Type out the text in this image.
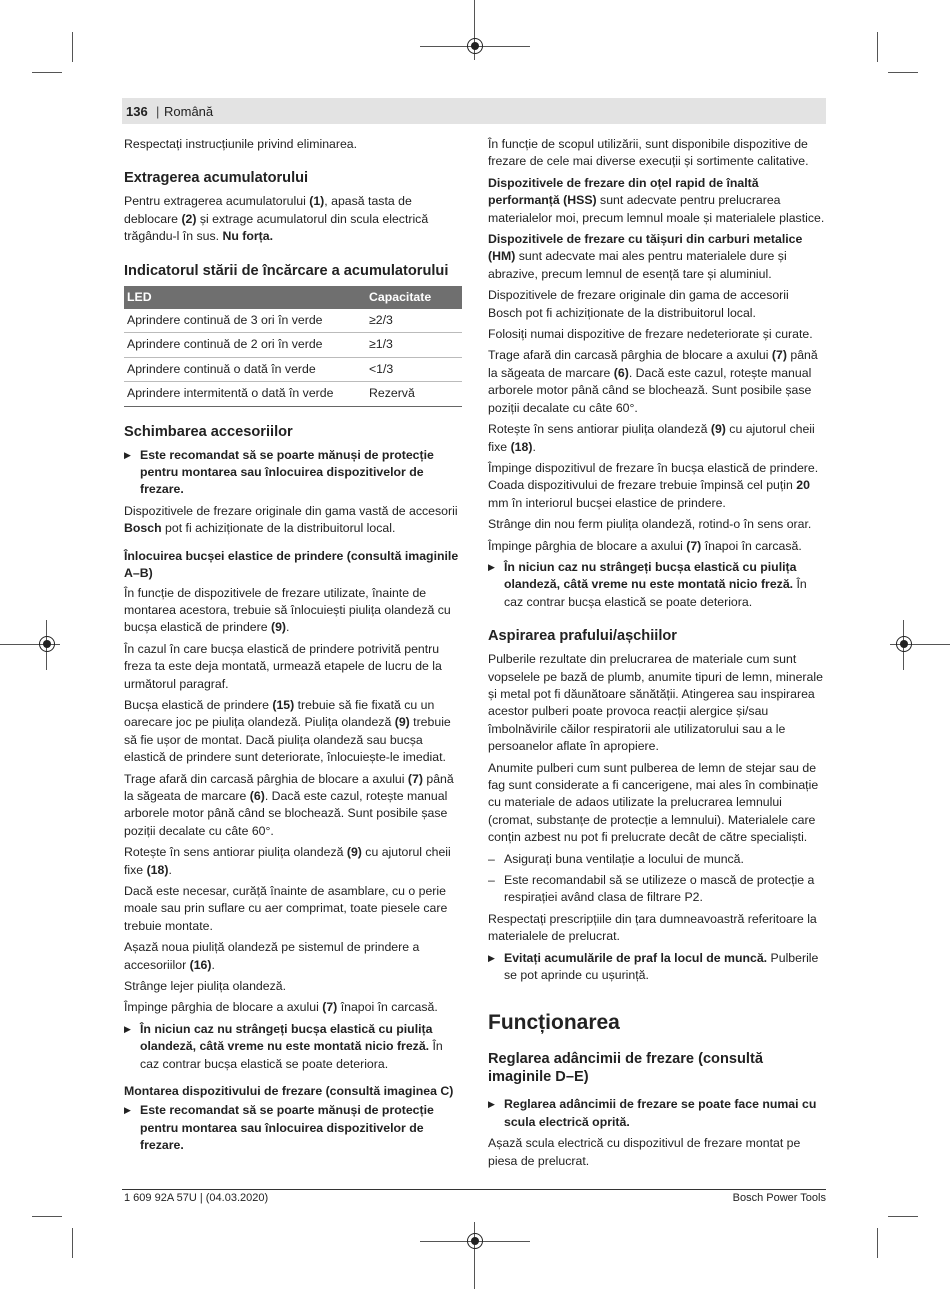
136 | Română

Respectați instrucțiunile privind eliminarea.

Extragerea acumulatorului

Pentru extragerea acumulatorului (1), apasă tasta de deblocare (2) și extrage acumulatorul din scula electrică trăgându-l în sus. Nu forța.

Indicatorul stării de încărcare a acumulatorului
LED	Capacitate
Aprindere continuă de 3 ori în verde	≥2/3
Aprindere continuă de 2 ori în verde	≥1/3
Aprindere continuă o dată în verde	<1/3
Aprindere intermitentă o dată în verde	Rezervă
Schimbarea accesoriilor

▶ Este recomandat să se poarte mănuși de protecție pentru montarea sau înlocuirea dispozitivelor de frezare.

Dispozitivele de frezare originale din gama vastă de accesorii Bosch pot fi achiziționate de la distribuitorul local.

Înlocuirea bucșei elastice de prindere (consultă imaginile A–B)

În funcție de dispozitivele de frezare utilizate, înainte de montarea acestora, trebuie să înlocuiești piulița olandeză cu bucșa elastică de prindere (9).

În cazul în care bucșa elastică de prindere potrivită pentru freza ta este deja montată, urmează etapele de lucru de la următorul paragraf.

Bucșa elastică de prindere (15) trebuie să fie fixată cu un oarecare joc pe piulița olandeză. Piulița olandeză (9) trebuie să fie ușor de montat. Dacă piulița olandeză sau bucșa elastică de prindere sunt deteriorate, înlocuiește-le imediat.

Trage afară din carcasă pârghia de blocare a axului (7) până la săgeata de marcare (6). Dacă este cazul, rotește manual arborele motor până când se blochează. Sunt posibile șase poziții decalate cu câte 60°.

Rotește în sens antiorar piulița olandeză (9) cu ajutorul cheii fixe (18).

Dacă este necesar, curăță înainte de asamblare, cu o perie moale sau prin suflare cu aer comprimat, toate piesele care trebuie montate.

Așază noua piuliță olandeză pe sistemul de prindere a accesoriilor (16).

Strânge lejer piulița olandeză.

Împinge pârghia de blocare a axului (7) înapoi în carcasă.

▶ În niciun caz nu strângeți bucșa elastică cu piulița olandeză, câtă vreme nu este montată nicio freză. În caz contrar bucșa elastică se poate deteriora.

Montarea dispozitivului de frezare (consultă imaginea C)

▶ Este recomandat să se poarte mănuși de protecție pentru montarea sau înlocuirea dispozitivelor de frezare.

În funcție de scopul utilizării, sunt disponibile dispozitive de frezare de cele mai diverse execuții și sortimente calitative.

Dispozitivele de frezare din oțel rapid de înaltă performanță (HSS) sunt adecvate pentru prelucrarea materialelor moi, precum lemnul moale și materialele plastice.

Dispozitivele de frezare cu tăișuri din carburi metalice (HM) sunt adecvate mai ales pentru materialele dure și abrazive, precum lemnul de esență tare și aluminiul.

Dispozitivele de frezare originale din gama de accesorii Bosch pot fi achiziționate de la distribuitorul local.

Folosiți numai dispozitive de frezare nedeteriorate și curate.

Trage afară din carcasă pârghia de blocare a axului (7) până la săgeata de marcare (6). Dacă este cazul, rotește manual arborele motor până când se blochează. Sunt posibile șase poziții decalate cu câte 60°.

Rotește în sens antiorar piulița olandeză (9) cu ajutorul cheii fixe (18).

Împinge dispozitivul de frezare în bucșa elastică de prindere. Coada dispozitivului de frezare trebuie împinsă cel puțin 20 mm în interiorul bucșei elastice de prindere.

Strânge din nou ferm piulița olandeză, rotind-o în sens orar.

Împinge pârghia de blocare a axului (7) înapoi în carcasă.

▶ În niciun caz nu strângeți bucșa elastică cu piulița olandeză, câtă vreme nu este montată nicio freză. În caz contrar bucșa elastică se poate deteriora.

Aspirarea prafului/așchiilor

Pulberile rezultate din prelucrarea de materiale cum sunt vopselele pe bază de plumb, anumite tipuri de lemn, minerale și metal pot fi dăunătoare sănătății. Atingerea sau inspirarea acestor pulberi poate provoca reacții alergice și/sau îmbolnăvirile căilor respiratorii ale utilizatorului sau a le persoanelor aflate în apropiere.

Anumite pulberi cum sunt pulberea de lemn de stejar sau de fag sunt considerate a fi cancerigene, mai ales în combinație cu materiale de adaos utilizate la prelucrarea lemnului (cromat, substanțe de protecție a lemnului). Materialele care conțin azbest nu pot fi prelucrate decât de către specialiști.

– Asigurați buna ventilație a locului de muncă.

– Este recomandabil să se utilizeze o mască de protecție a respirației având clasa de filtrare P2.

Respectați prescripțiile din țara dumneavoastră referitoare la materialele de prelucrat.

▶ Evitați acumulările de praf la locul de muncă. Pulberile se pot aprinde cu ușurință.

Funcționarea
Reglarea adâncimii de frezare (consultă imaginile D–E)

▶ Reglarea adâncimii de frezare se poate face numai cu scula electrică oprită.

Așază scula electrică cu dispozitivul de frezare montat pe piesa de prelucrat.

1 609 92A 57U | (04.03.2020)	Bosch Power Tools
